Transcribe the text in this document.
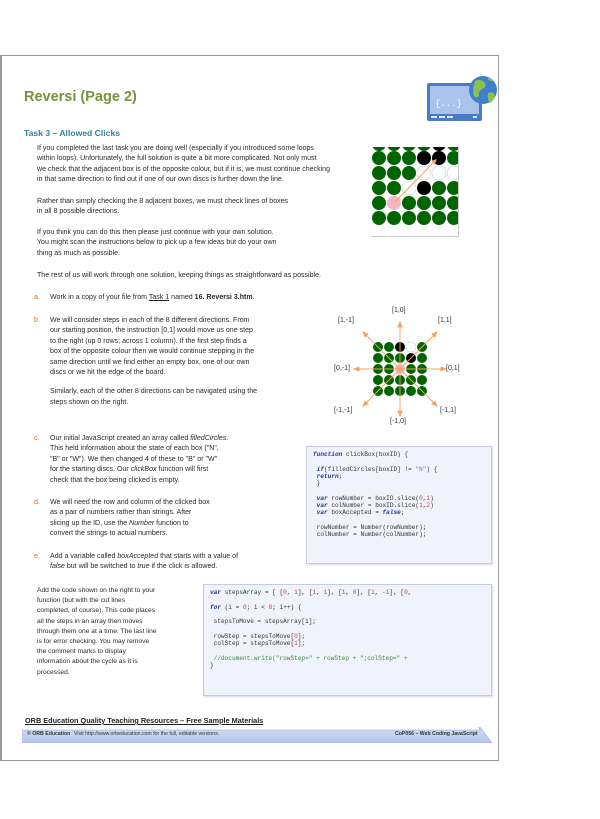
Reversi (Page 2)	{...}
Task 3 – Allowed Clicks

If you completed the last task you are doing well (especially if you introduced some loops

within loops). Unfortunately, the full solution is quite a bit more complicated. Not only must

we check that the adjacent box is of the opposite colour, but if it is, we must continue checking

in that same direction to find out if one of our own discs is further down the line.

Rather than simply checking the 8 adjacent boxes, we must check lines of boxes

in all 8 possible directions.

If you think you can do this then please just continue with your own solution.

You might scan the instructions below to pick up a few ideas but do your own

thing as much as possible.

The rest of us will work through one solution, keeping things as straightforward as possible.

a. Work in a copy of your file from Task 1 named 16. Reversi 3.htm.
b. We will consider steps in each of the 8 different directions. From

our starting position, the instruction [0,1] would move us one step

to the right (up 0 rows; across 1 column). If the first step finds a

box of the opposite colour then we would continue stepping in the

same direction until we find either an empty box, one of our own

discs or we hit the edge of the board.

Similarly, each of the other 8 directions can be navigated using the

steps shown on the right.

c. Our initial JavaScript created an array called filledCircles.

This held information about the state of each box ("N",

"B" or "W"). We then changed 4 of these to "B" or "W"

for the starting discs. Our clickBox function will first

check that the box being clicked is empty.

d. We will need the row and column of the clicked box

as a pair of numbers rather than strings. After

slicing up the ID, use the Number function to

convert the strings to actual numbers.

e. Add a variable called boxAccepted that starts with a value of

false but will be switched to true if the click is allowed.

Add the code shown on the right to your

function (but with the cut lines

completed, of course). This code places

all the steps in an array then moves

through them one at a time. The last line

is for error checking. You may remove

the comment marks to display

information about the cycle as it is

processed.

[1,0]
[1,1]
[1,-1]
[0,-1]	[0,1]
[-1,-1]
[-1,0]
[-1,1]
function clickBox(boxID) {

if(filledCircles[boxID] != "N") {
return;
}

var rowNumber = boxID.slice(0,1)
var colNumber = boxID.slice(1,2)
var boxAccepted = false;

rowNumber = Number(rowNumber);
colNumber = Number(colNumber);
var stepsArray = [ [0, 1], [1, 1], [1, 0], [1, -1], [0,

for (i = 0; i < 8; i++) {

stepsToMove = stepsArray[i];

rowStep = stepsToMove[0];
colStep = stepsToMove[1];

//document.write("rowStep=" + rowStep + ";colStep=" +
}
ORB Education Quality Teaching Resources – Free Sample Materials
© ORB Education Visit http://www.orbeducation.com for the full, editable versions.	CoP056 – Web Coding JavaScript
